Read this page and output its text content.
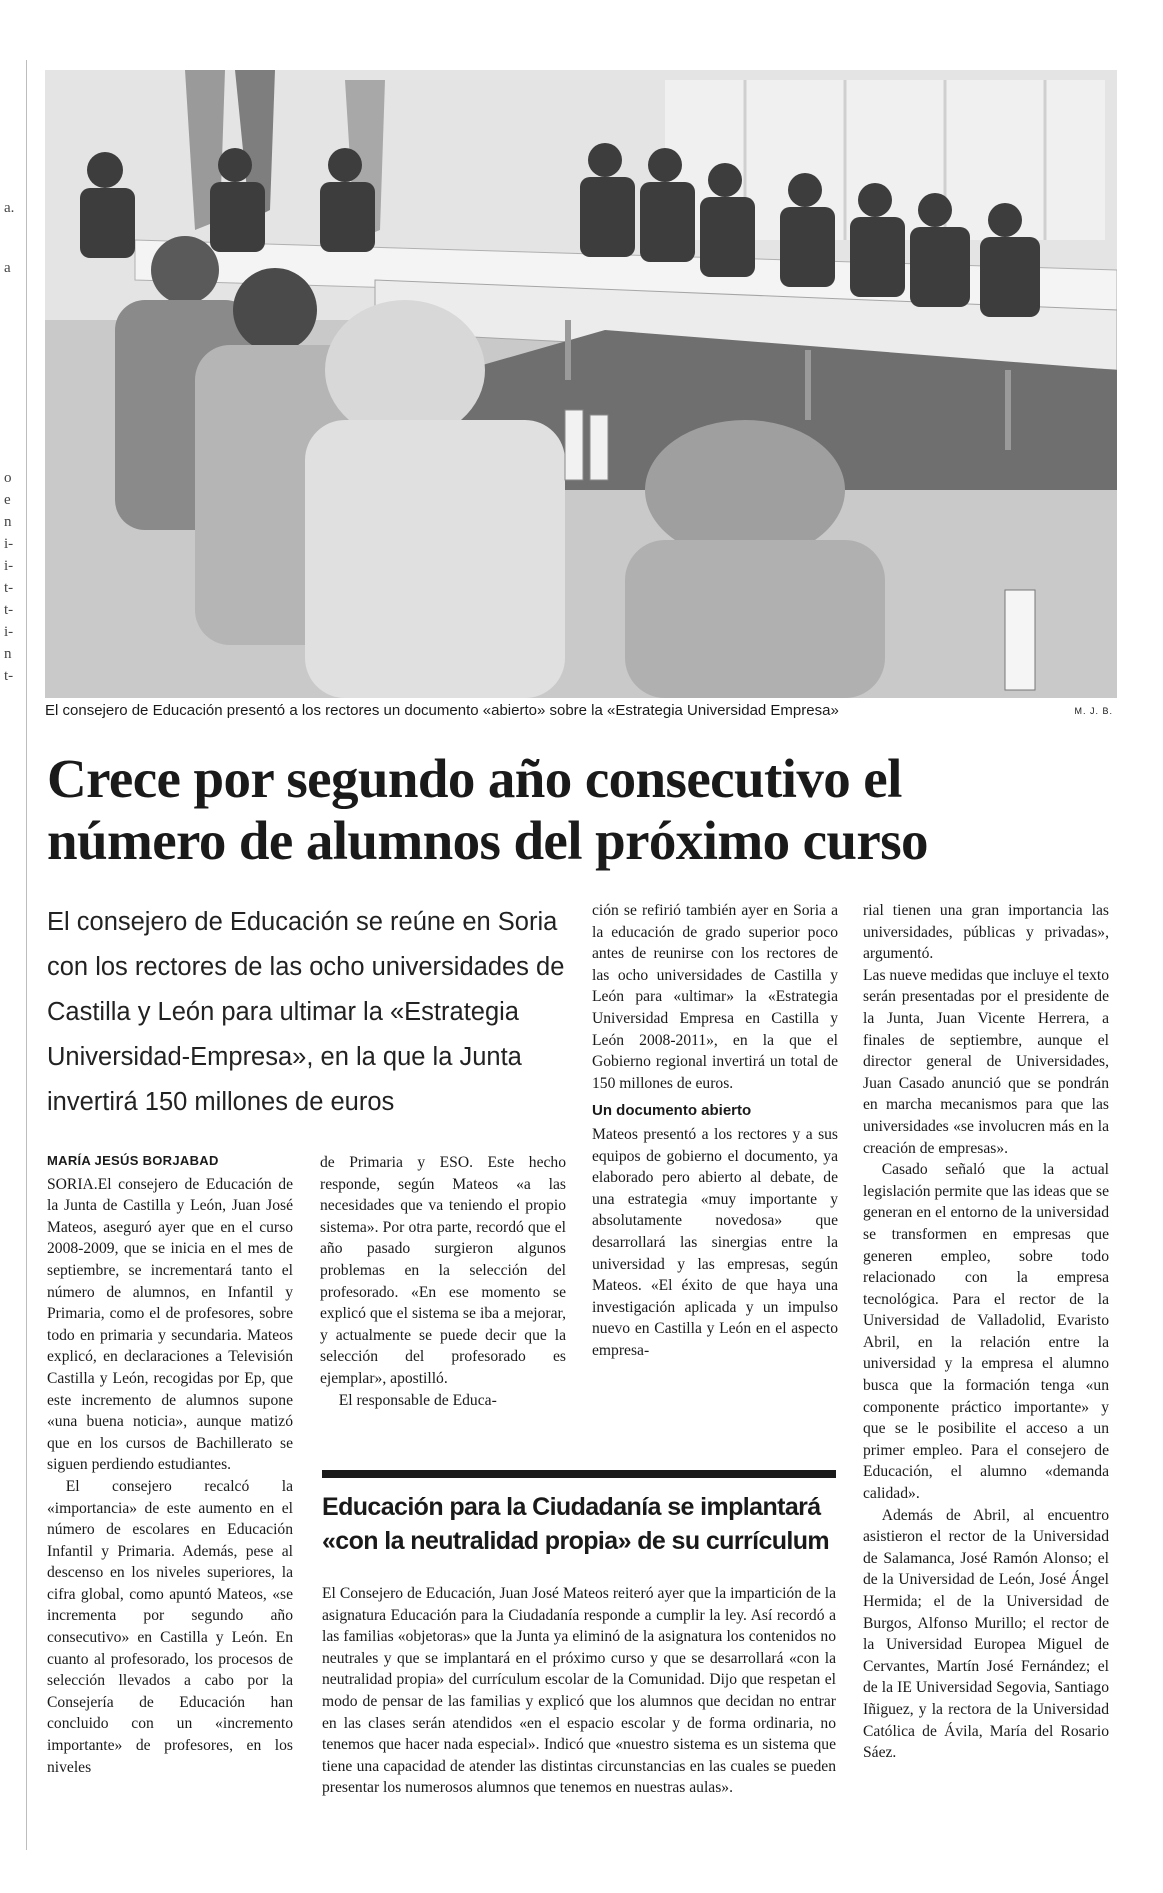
a.
a
o
e
n
i-
i-
t-
t-
i-
n
t-
El consejero de Educación presentó a los rectores un documento «abierto» sobre la «Estrategia Universidad Empresa»	M. J. B.
Crece por segundo año consecutivo el
número de alumnos del próximo curso
El consejero de Educación se reúne en Soria con los rectores de las ocho universidades de Castilla y León para ultimar la «Estrategia Universidad-Empresa», en la que la Junta invertirá 150 millones de euros
MARÍA JESÚS BORJABAD

SORIA.El consejero de Educación de la Junta de Castilla y León, Juan José Mateos, aseguró ayer que en el curso 2008-2009, que se inicia en el mes de septiembre, se incrementará tanto el número de alumnos, en Infantil y Primaria, como el de profesores, sobre todo en primaria y secundaria. Mateos explicó, en declaraciones a Televisión Castilla y León, recogidas por Ep, que este incremento de alumnos supone «una buena noticia», aunque matizó que en los cursos de Bachillerato se siguen perdiendo estudiantes.

El consejero recalcó la «importancia» de este aumento en el número de escolares en Educación Infantil y Primaria. Además, pese al descenso en los niveles superiores, la cifra global, como apuntó Mateos, «se incrementa por segundo año consecutivo» en Castilla y León. En cuanto al profesorado, los procesos de selección llevados a cabo por la Consejería de Educación han concluido con un «incremento importante» de profesores, en los niveles

de Primaria y ESO. Este hecho responde, según Mateos «a las necesidades que va teniendo el propio sistema». Por otra parte, recordó que el año pasado surgieron algunos problemas en la selección del profesorado. «En ese momento se explicó que el sistema se iba a mejorar, y actualmente se puede decir que la selección del profesorado es ejemplar», apostilló.

El responsable de Educa-

ción se refirió también ayer en Soria a la educación de grado superior poco antes de reunirse con los rectores de las ocho universidades de Castilla y León para «ultimar» la «Estrategia Universidad Empresa en Castilla y León 2008-2011», en la que el Gobierno regional invertirá un total de 150 millones de euros.

Un documento abierto

Mateos presentó a los rectores y a sus equipos de gobierno el documento, ya elaborado pero abierto al debate, de una estrategia «muy importante y absolutamente novedosa» que desarrollará las sinergias entre la universidad y las empresas, según Mateos. «El éxito de que haya una investigación aplicada y un impulso nuevo en Castilla y León en el aspecto empresa-

rial tienen una gran importancia las universidades, públicas y privadas», argumentó.

Las nueve medidas que incluye el texto serán presentadas por el presidente de la Junta, Juan Vicente Herrera, a finales de septiembre, aunque el director general de Universidades, Juan Casado anunció que se pondrán en marcha mecanismos para que las universidades «se involucren más en la creación de empresas».

Casado señaló que la actual legislación permite que las ideas que se generan en el entorno de la universidad se transformen en empresas que generen empleo, sobre todo relacionado con la empresa tecnológica. Para el rector de la Universidad de Valladolid, Evaristo Abril, en la relación entre la universidad y la empresa el alumno busca que la formación tenga «un componente práctico importante» y que se le posibilite el acceso a un primer empleo. Para el consejero de Educación, el alumno «demanda calidad».

Además de Abril, al encuentro asistieron el rector de la Universidad de Salamanca, José Ramón Alonso; el de la Universidad de León, José Ángel Hermida; el de la Universidad de Burgos, Alfonso Murillo; el rector de la Universidad Europea Miguel de Cervantes, Martín José Fernández; el de la IE Universidad Segovia, Santiago Iñiguez, y la rectora de la Universidad Católica de Ávila, María del Rosario Sáez.

Educación para la Ciudadanía se implantará
«con la neutralidad propia» de su currículum

El Consejero de Educación, Juan José Mateos reiteró ayer que la impartición de la asignatura Educación para la Ciudadanía responde a cumplir la ley. Así recordó a las familias «objetoras» que la Junta ya eliminó de la asignatura los contenidos no neutrales y que se implantará en el próximo curso y que se desarrollará «con la neutralidad propia» del currículum escolar de la Comunidad. Dijo que respetan el modo de pensar de las familias y explicó que los alumnos que decidan no entrar en las clases serán atendidos «en el espacio escolar y de forma ordinaria, no tenemos que hacer nada especial». Indicó que «nuestro sistema es un sistema que tiene una capacidad de atender las distintas circunstancias en las cuales se pueden presentar los numerosos alumnos que tenemos en nuestras aulas».
